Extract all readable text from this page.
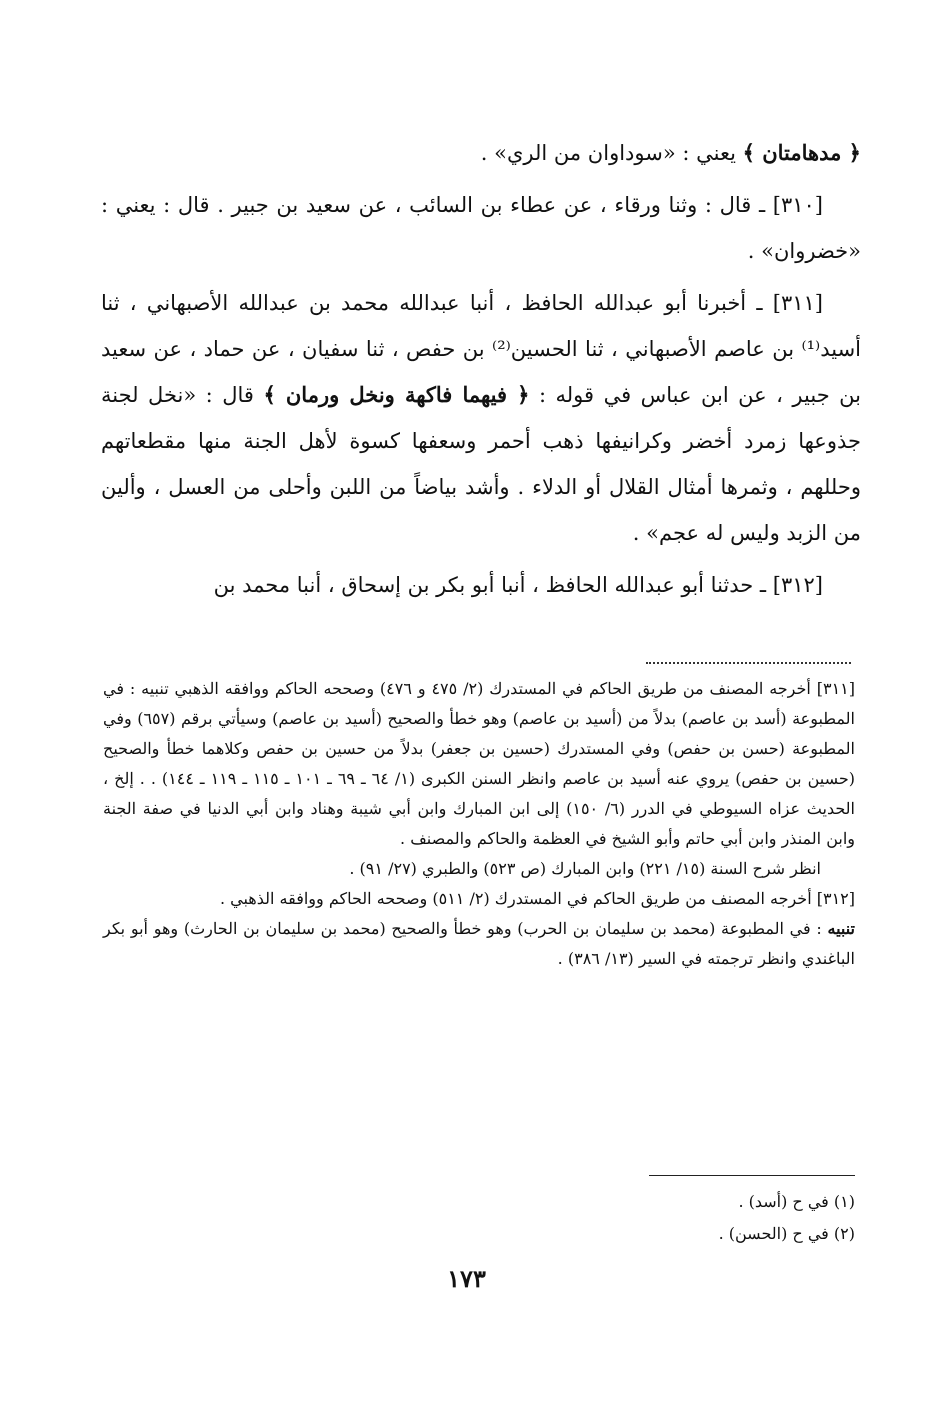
﴿ مدهامتان ﴾ يعني : «سوداوان من الري» .

[٣١٠] ـ قال : وثنا ورقاء ، عن عطاء بن السائب ، عن سعيد بن جبير . قال : يعني : «خضروان» .

[٣١١] ـ أخبرنا أبو عبدالله الحافظ ، أنبا عبدالله محمد بن عبدالله الأصبهاني ، ثنا أسيد⁽¹⁾ بن عاصم الأصبهاني ، ثنا الحسين⁽²⁾ بن حفص ، ثنا سفيان ، عن حماد ، عن سعيد بن جبير ، عن ابن عباس في قوله : ﴿ فيهما فاكهة ونخل ورمان ﴾ قال : «نخل لجنة جذوعها زمرد أخضر وكرانيفها ذهب أحمر وسعفها كسوة لأهل الجنة منها مقطعاتهم وحللهم ، وثمرها أمثال القلال أو الدلاء . وأشد بياضاً من اللبن وأحلى من العسل ، وألين من الزبد وليس له عجم» .

[٣١٢] ـ حدثنا أبو عبدالله الحافظ ، أنبا أبو بكر بن إسحاق ، أنبا محمد بن

[٣١١] أخرجه المصنف من طريق الحاكم في المستدرك (٢/ ٤٧٥ و ٤٧٦) وصححه الحاكم ووافقه الذهبي تنبيه : في المطبوعة (أسد بن عاصم) بدلاً من (أسيد بن عاصم) وهو خطأ والصحيح (أسيد بن عاصم) وسيأتي برقم (٦٥٧) وفي المطبوعة (حسن بن حفص) وفي المستدرك (حسين بن جعفر) بدلاً من حسين بن حفص وكلاهما خطأ والصحيح (حسين بن حفص) يروي عنه أسيد بن عاصم وانظر السنن الكبرى (١/ ٦٤ ـ ٦٩ ـ ١٠١ ـ ١١٥ ـ ١١٩ ـ ١٤٤) . . إلخ ، الحديث عزاه السيوطي في الدرر (٦/ ١٥٠) إلى ابن المبارك وابن أبي شيبة وهناد وابن أبي الدنيا في صفة الجنة وابن المنذر وابن أبي حاتم وأبو الشيخ في العظمة والحاكم والمصنف .

انظر شرح السنة (١٥/ ٢٢١) وابن المبارك (ص ٥٢٣) والطبري (٢٧/ ٩١) .

[٣١٢] أخرجه المصنف من طريق الحاكم في المستدرك (٢/ ٥١١) وصححه الحاكم ووافقه الذهبي .

تنبيه : في المطبوعة (محمد بن سليمان بن الحرب) وهو خطأ والصحيح (محمد بن سليمان بن الحارث) وهو أبو بكر الباغندي وانظر ترجمته في السير (١٣/ ٣٨٦) .

(١) في ح (أسد) .

(٢) في ح (الحسن) .

١٧٣
